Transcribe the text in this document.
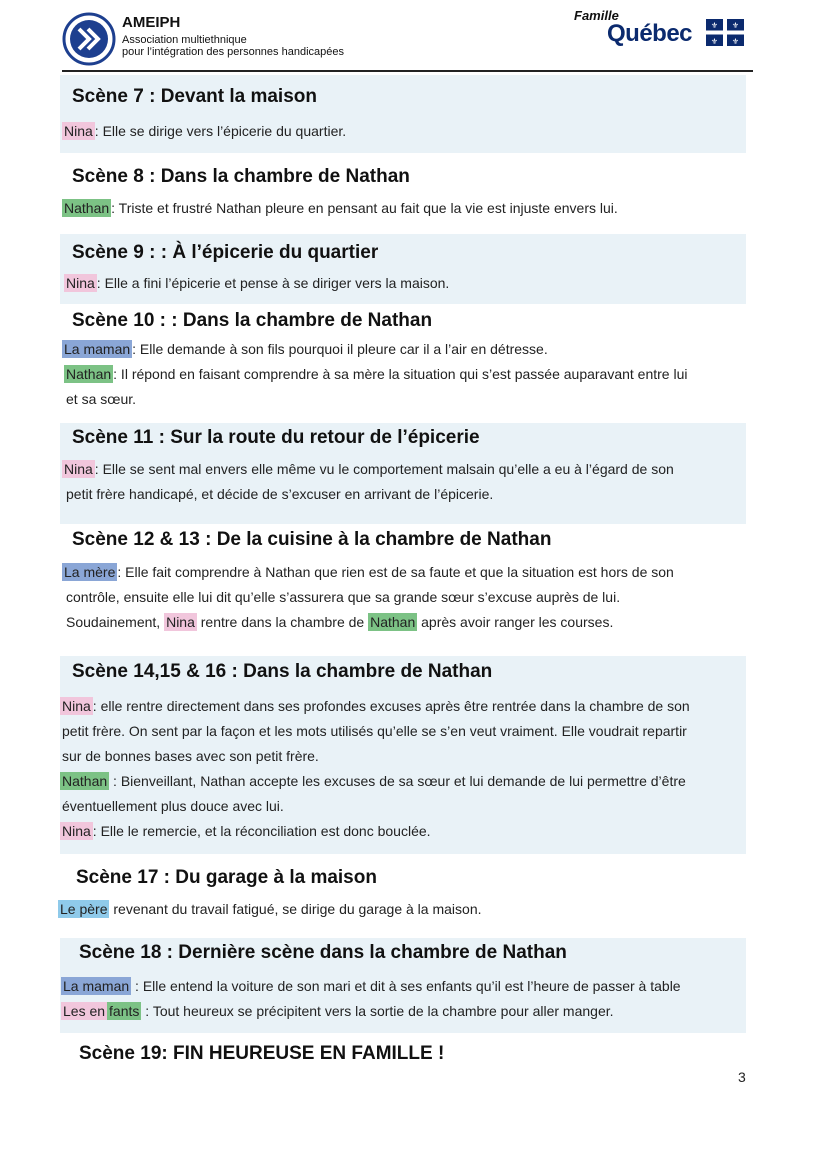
AMEIPH
Association multiethnique
pour l’intégration des personnes handicapées
Famille
Québec ⚜ ⚜
⚜ ⚜
Scène 7 : Devant la maison
Nina : Elle se dirige vers l’épicerie du quartier.
Scène 8 : Dans la chambre de Nathan
Nathan : Triste et frustré Nathan pleure en pensant au fait que la vie est injuste envers lui.
Scène 9 : : À l’épicerie du quartier
Nina : Elle a fini l’épicerie et pense à se diriger vers la maison.
Scène 10 : : Dans la chambre de Nathan
La maman : Elle demande à son fils pourquoi il pleure car il a l’air en détresse.
Nathan : Il répond en faisant comprendre à sa mère la situation qui s’est passée auparavant entre lui
et sa sœur.
Scène 11 : Sur la route du retour de l’épicerie
Nina : Elle se sent mal envers elle même vu le comportement malsain qu’elle a eu à l’égard de son
petit frère handicapé, et décide de s’excuser en arrivant de l’épicerie.
Scène 12 & 13 : De la cuisine à la chambre de Nathan
La mère : Elle fait comprendre à Nathan que rien est de sa faute et que la situation est hors de son
contrôle, ensuite elle lui dit qu’elle s’assurera que sa grande sœur s’excuse auprès de lui.
Soudainement, Nina rentre dans la chambre de Nathan après avoir ranger les courses.
Scène 14,15 & 16 : Dans la chambre de Nathan
Nina : elle rentre directement dans ses profondes excuses après être rentrée dans la chambre de son
petit frère. On sent par la façon et les mots utilisés qu’elle se s’en veut vraiment. Elle voudrait repartir
sur de bonnes bases avec son petit frère.
Nathan : Bienveillant, Nathan accepte les excuses de sa sœur et lui demande de lui permettre d’être
éventuellement plus douce avec lui.
Nina : Elle le remercie, et la réconciliation est donc bouclée.
Scène 17 : Du garage à la maison
Le père revenant du travail fatigué, se dirige du garage à la maison.
Scène 18 : Dernière scène dans la chambre de Nathan
La maman : Elle entend la voiture de son mari et dit à ses enfants qu’il est l’heure de passer à table
Les en fants : Tout heureux se précipitent vers la sortie de la chambre pour aller manger.
Scène 19: FIN HEUREUSE EN FAMILLE !
3
